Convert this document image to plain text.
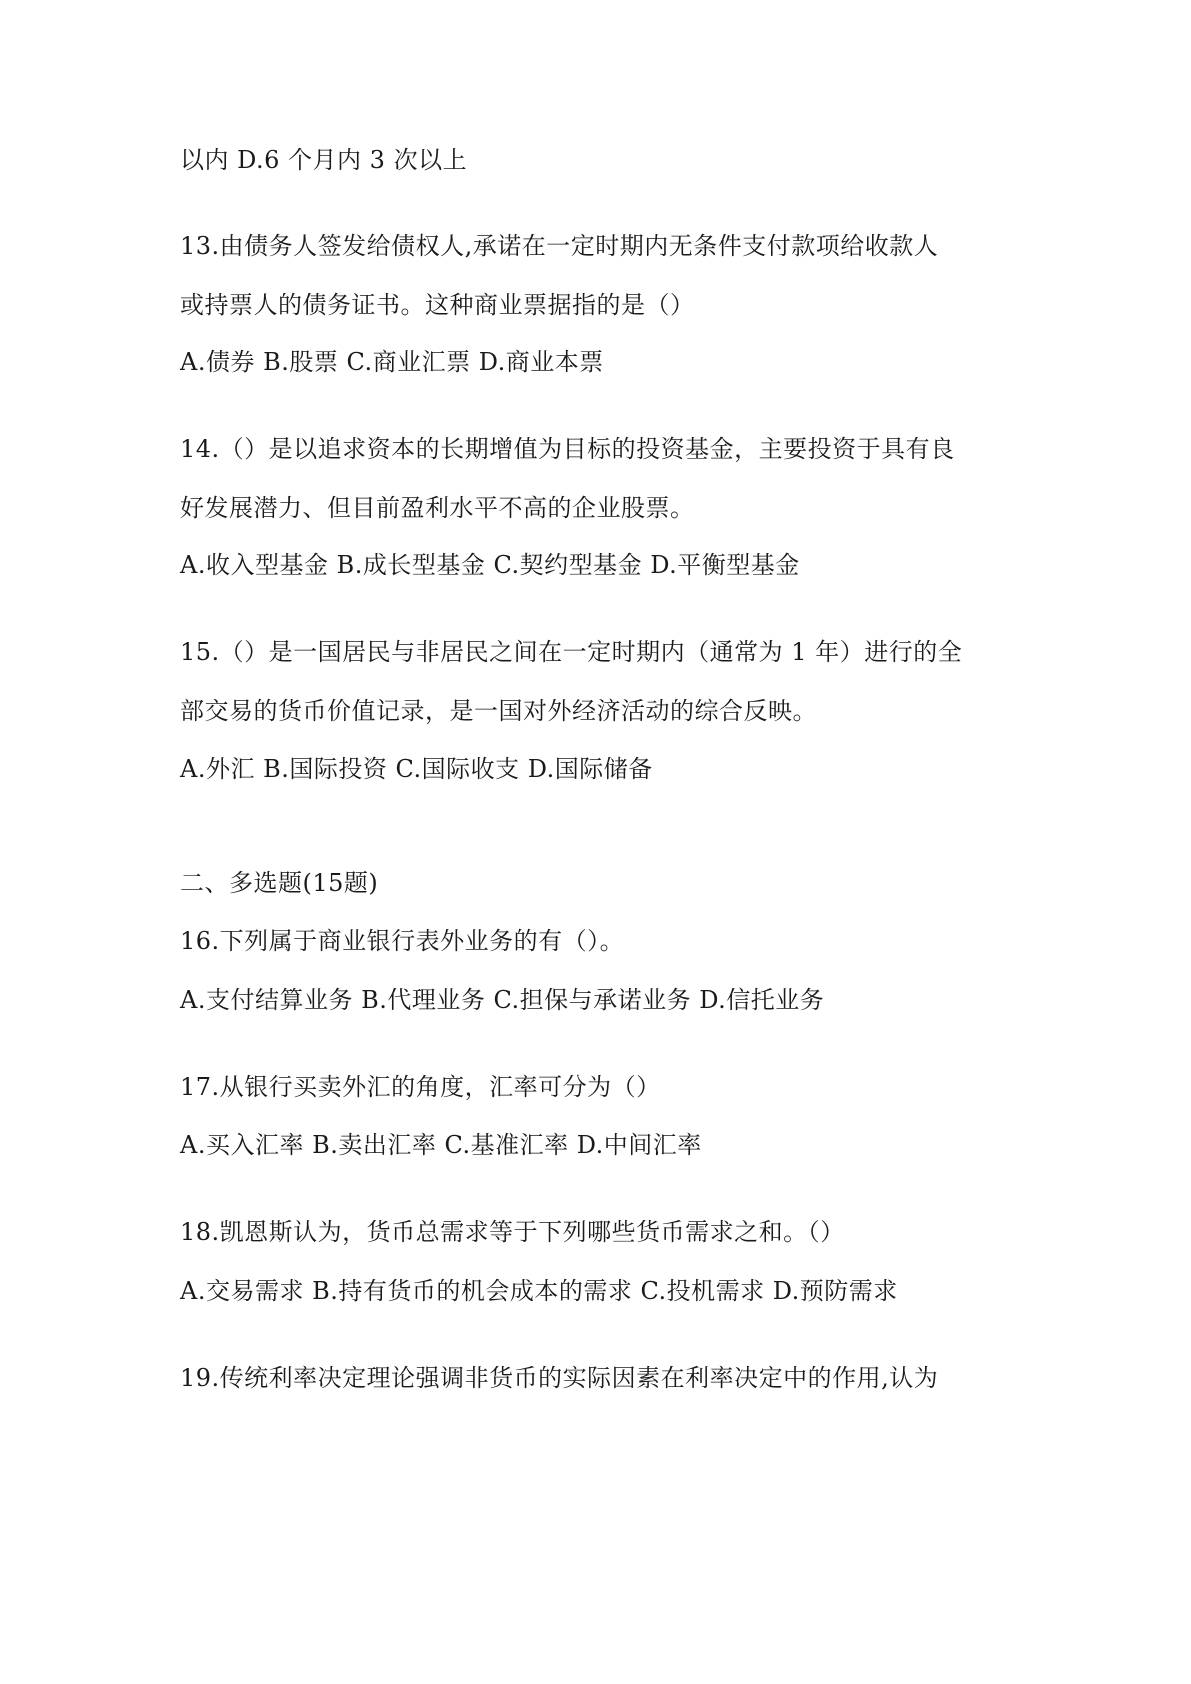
以内 D.6 个月内 3 次以上
13.由债务人签发给债权人,承诺在一定时期内无条件支付款项给收款人
或持票人的债务证书。这种商业票据指的是（）
A.债券 B.股票 C.商业汇票 D.商业本票
14.（）是以追求资本的长期增值为目标的投资基金，主要投资于具有良
好发展潜力、但目前盈利水平不高的企业股票。
A.收入型基金 B.成长型基金 C.契约型基金 D.平衡型基金
15.（）是一国居民与非居民之间在一定时期内（通常为 1 年）进行的全
部交易的货币价值记录，是一国对外经济活动的综合反映。
A.外汇 B.国际投资 C.国际收支 D.国际储备
二、多选题(15题)
16.下列属于商业银行表外业务的有（）。
A.支付结算业务 B.代理业务 C.担保与承诺业务 D.信托业务
17.从银行买卖外汇的角度，汇率可分为（）
A.买入汇率 B.卖出汇率 C.基准汇率 D.中间汇率
18.凯恩斯认为，货币总需求等于下列哪些货币需求之和。（）
A.交易需求 B.持有货币的机会成本的需求 C.投机需求 D.预防需求
19.传统利率决定理论强调非货币的实际因素在利率决定中的作用,认为
